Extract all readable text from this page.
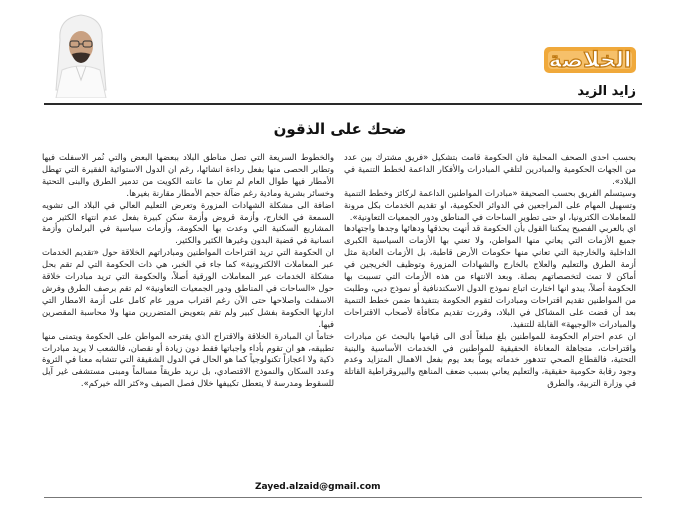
الخلاصة
زايد الزيد
ضحك على الذقون

بحسب احدى الصحف المحلية فان الحكومة قامت بتشكيل «فريق مشترك بين عدد من الجهات الحكومية والمبادرين لتلقي المبادرات والأفكار الداعمة لخطط التنمية في البلاد».

وسيتسلم الفريق بحسب الصحيفة «مبادرات المواطنين الداعمة لركائز وخطط التنمية وتسهيل المهام على المراجعين في الدوائر الحكومية، او تقديم الخدمات بكل مرونة للمعاملات الكترونيا، او حتى تطوير الساحات في المناطق ودور الجمعيات التعاونية».

اي بالعربي الفصيح يمكننا القول بأن الحكومة قد أنهت بحذقها ودهائها وجدها واجتهادها جميع الأزمات التي يعاني منها المواطن، ولا تعني بها الأزمات السياسية الكبرى الداخلية والخارجية التي تعاني منها حكومات الأرض قاطبة، بل الأزمات العادية مثل أزمة الطرق والتعليم والعلاج بالخارج والشهادات المزورة وتوظيف الخريجين في أماكن لا تمت لتخصصاتهم بصلة. وبعد الانتهاء من هذه الأزمات التي تسببت بها الحكومة أصلاً، يبدو انها اختارت اتباع نموذج الدول الاسكندنافية أو نموذج دبي، وطلبت من المواطنين تقديم اقتراحات ومبادرات لتقوم الحكومة بتنفيذها ضمن خطط التنمية بعد أن قضت على المشاكل في البلاد، وقررت تقديم مكافأة لأصحاب الاقتراحات والمبادرات «الوجيهة» القابلة للتنفيذ.

ان عدم احترام الحكومة للمواطنين بلغ مبلغاً أدى الى قيامها بالبحث عن مبادرات واقتراحات، متجاهلة المعاناة الحقيقية للمواطنين في الخدمات الأساسية والبنية التحتية، فالقطاع الصحي تتدهور خدماته يوماً بعد يوم بفعل الاهمال المتزايد وعدم وجود رقابة حكومية حقيقية، والتعليم يعاني بسبب ضعف المناهج والبيروقراطية القاتلة في وزارة التربية، والطرق

والخطوط السريعة التي تصل مناطق البلاد ببعضها البعض والتي نُمر الاسفلت فيها وتطاير الحصى منها بفعل رداءة انشائها، رغم ان الدول الاستوائية الفقيرة التي تهطل الأمطار فيها طوال العام لم تعان ما عانته الكويت من تدمير الطرق والبنى التحتية وخسائر بشرية ومادية رغم ضآلة حجم الأمطار مقارنة بغيرها.

اضافة الى مشكلة الشهادات المزورة وتعرض التعليم العالي في البلاد الى تشويه السمعة في الخارج، وأزمة قروض وأزمة سكن كبيرة بفعل عدم انتهاء الكثير من المشاريع السكنية التي وعدت بها الحكومة، وأزمات سياسية في البرلمان وأزمة انسانية في قضية البدون وغيرها الكثير والكثير.

ان الحكومة التي تريد اقتراحات المواطنين ومبادراتهم الخلاقة حول «تقديم الخدمات عبر المعاملات الالكترونية» كما جاء في الخبر، هي ذات الحكومة التي لم تقم بحل مشكلة الخدمات عبر المعاملات الورقية أصلاً، والحكومة التي تريد مبادرات خلاقة حول «الساحات في المناطق ودور الجمعيات التعاونية» لم تقم برصف الطرق وفرش الاسفلت واصلاحها حتى الآن رغم اقتراب مرور عام كامل على أزمة الامطار التي ادارتها الحكومة بفشل كبير ولم تقم بتعويض المتضررين منها ولا محاسبة المقصرين فيها.

ختاماً ان المبادرة الخلاقة والاقتراح الذي يقترحه المواطن على الحكومة ويتمنى منها تطبيقه، هو ان تقوم بأداء واجباتها فقط دون زيادة أو نقصان، فالشعب لا يريد مبادرات ذكية ولا اعجازاً تكنولوجياً كما هو الحال في الدول الشقيقة التي تتشابه معنا في الثروة وعدد السكان والنموذج الاقتصادي، بل نريد طريقاً مسالماً ومبنى مستشفى غير آيل للسقوط ومدرسة لا يتعطل تكييفها خلال فصل الصيف و«كثر الله خيركم».

Zayed.alzaid@gmail.com
